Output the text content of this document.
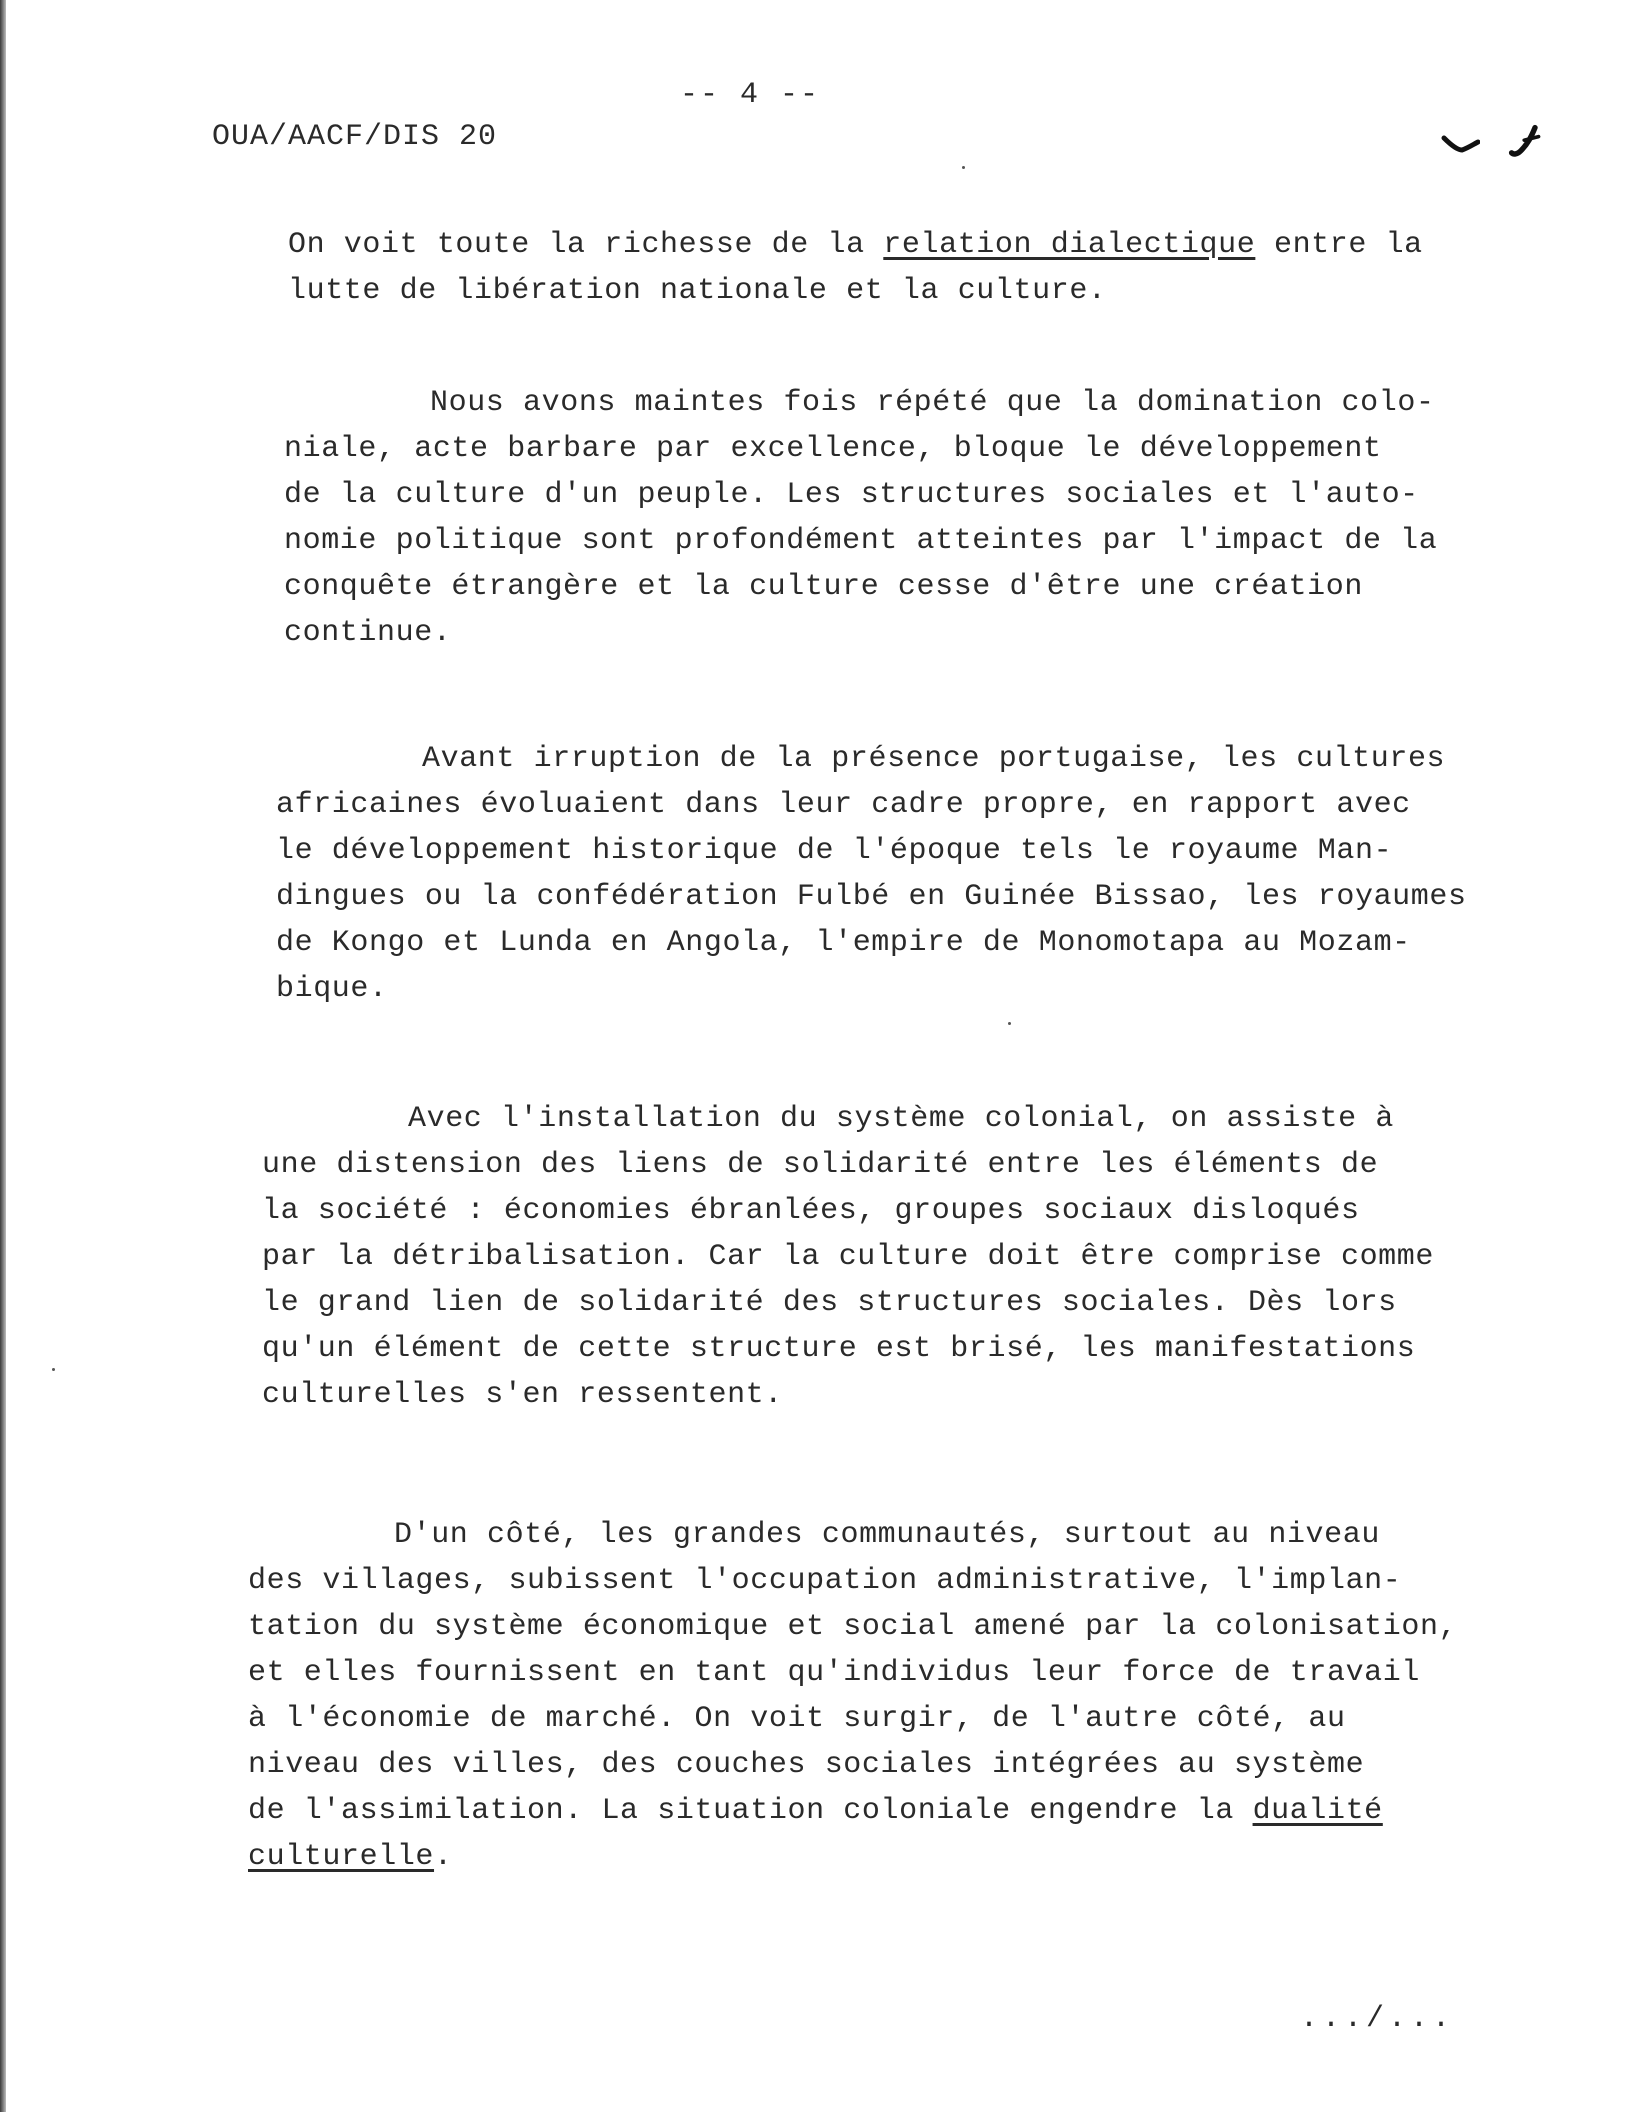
-- 4 --
OUA/AACF/DIS 20
On voit toute la richesse de la relation dialectique entre la
lutte de libération nationale et la culture.
Nous avons maintes fois répété que la domination colo-
niale, acte barbare par excellence, bloque le développement
de la culture d'un peuple. Les structures sociales et l'auto-
nomie politique sont profondément atteintes par l'impact de la
conquête étrangère et la culture cesse d'être une création
continue.
Avant irruption de la présence portugaise, les cultures
africaines évoluaient dans leur cadre propre, en rapport avec
le développement historique de l'époque tels le royaume Man-
dingues ou la confédération Fulbé en Guinée Bissao, les royaumes
de Kongo et Lunda en Angola, l'empire de Monomotapa au Mozam-
bique.
Avec l'installation du système colonial, on assiste à
une distension des liens de solidarité entre les éléments de
la société : économies ébranlées, groupes sociaux disloqués
par la détribalisation. Car la culture doit être comprise comme
le grand lien de solidarité des structures sociales. Dès lors
qu'un élément de cette structure est brisé, les manifestations
culturelles s'en ressentent.
D'un côté, les grandes communautés, surtout au niveau
des villages, subissent l'occupation administrative, l'implan-
tation du système économique et social amené par la colonisation,
et elles fournissent en tant qu'individus leur force de travail
à l'économie de marché. On voit surgir, de l'autre côté, au
niveau des villes, des couches sociales intégrées au système
de l'assimilation. La situation coloniale engendre la dualité
culturelle.
.../...
